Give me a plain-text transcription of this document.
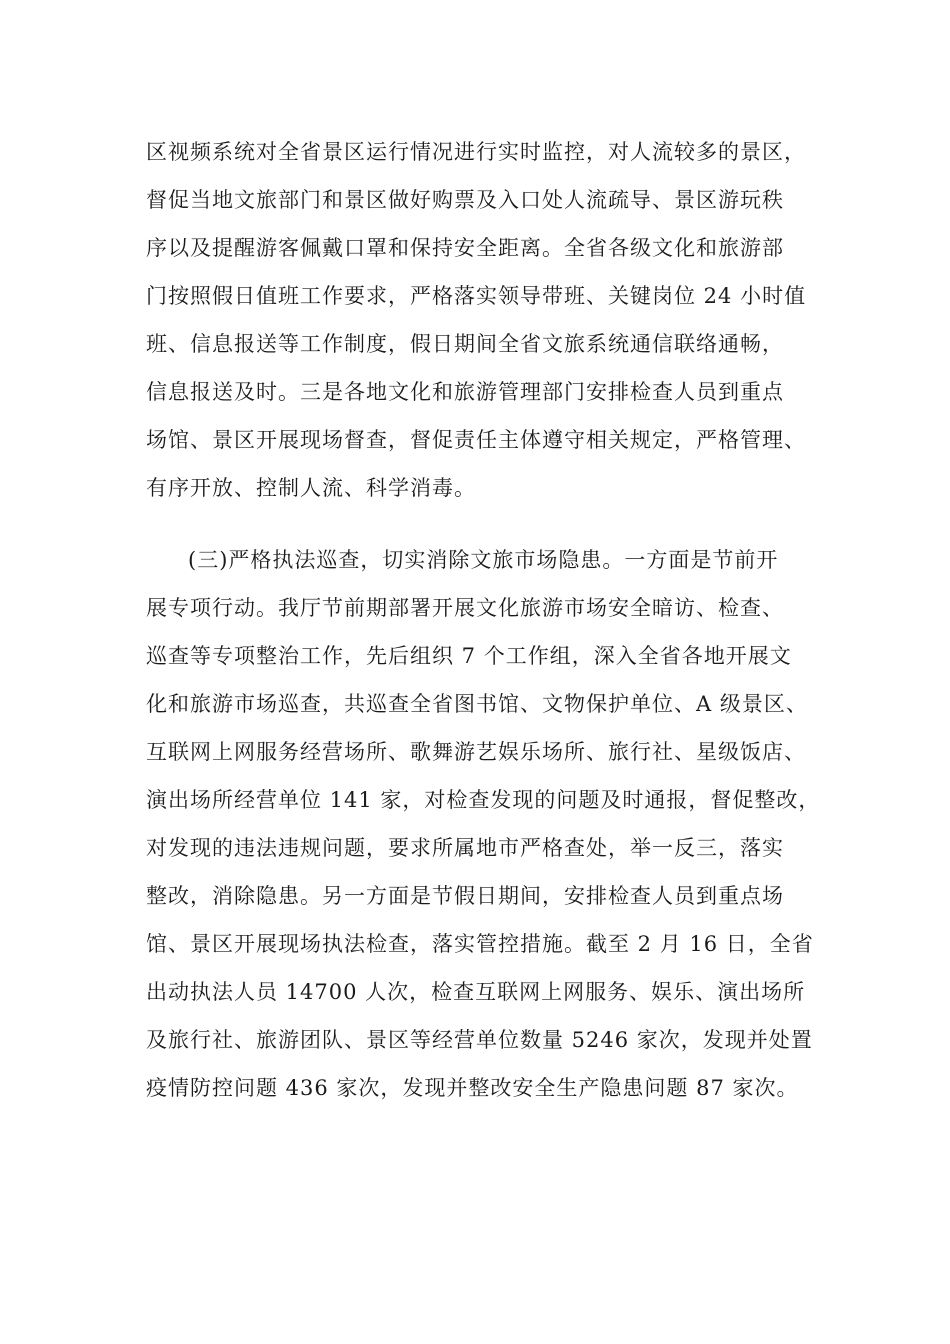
区视频系统对全省景区运行情况进行实时监控，对人流较多的景区，
督促当地文旅部门和景区做好购票及入口处人流疏导、景区游玩秩
序以及提醒游客佩戴口罩和保持安全距离。全省各级文化和旅游部
门按照假日值班工作要求，严格落实领导带班、关键岗位 24 小时值
班、信息报送等工作制度，假日期间全省文旅系统通信联络通畅，
信息报送及时。三是各地文化和旅游管理部门安排检查人员到重点
场馆、景区开展现场督查，督促责任主体遵守相关规定，严格管理、
有序开放、控制人流、科学消毒。
(三)严格执法巡查，切实消除文旅市场隐患。一方面是节前开
展专项行动。我厅节前期部署开展文化旅游市场安全暗访、检查、
巡查等专项整治工作，先后组织 7 个工作组，深入全省各地开展文
化和旅游市场巡查，共巡查全省图书馆、文物保护单位、A 级景区、
互联网上网服务经营场所、歌舞游艺娱乐场所、旅行社、星级饭店、
演出场所经营单位 141 家，对检查发现的问题及时通报，督促整改，
对发现的违法违规问题，要求所属地市严格查处，举一反三，落实
整改，消除隐患。另一方面是节假日期间，安排检查人员到重点场
馆、景区开展现场执法检查，落实管控措施。截至 2 月 16 日，全省
出动执法人员 14700 人次，检查互联网上网服务、娱乐、演出场所
及旅行社、旅游团队、景区等经营单位数量 5246 家次，发现并处置
疫情防控问题 436 家次，发现并整改安全生产隐患问题 87 家次。
